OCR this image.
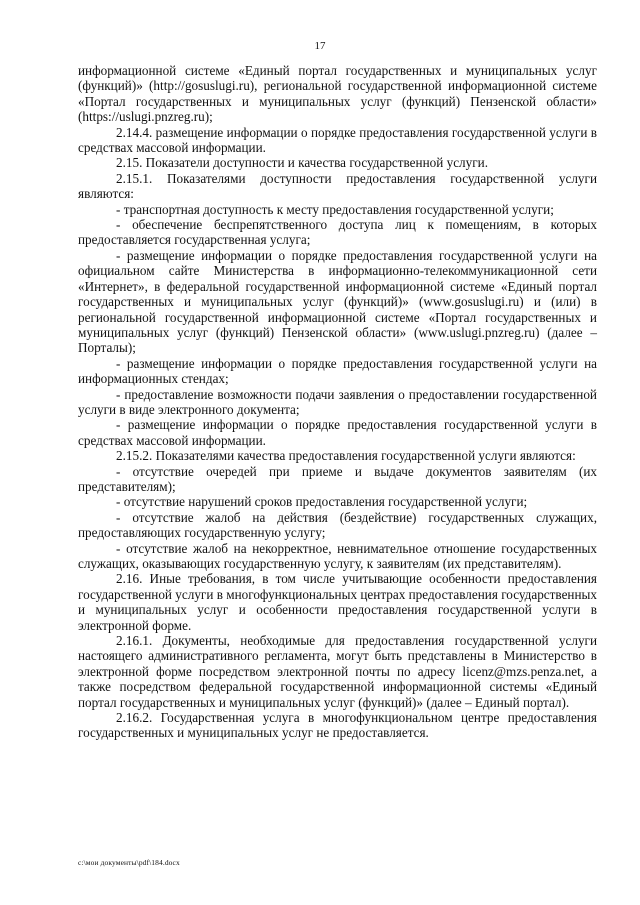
17

информационной системе «Единый портал государственных и муниципальных услуг (функций)» (http://gosuslugi.ru), региональной государственной информационной системе «Портал государственных и муниципальных услуг (функций) Пензенской области» (https://uslugi.pnzreg.ru);

2.14.4. размещение информации о порядке предоставления государственной услуги в средствах массовой информации.

2.15. Показатели доступности и качества государственной услуги.

2.15.1. Показателями доступности предоставления государственной услуги являются:

- транспортная доступность к месту предоставления государственной услуги;

- обеспечение беспрепятственного доступа лиц к помещениям, в которых предоставляется государственная услуга;

- размещение информации о порядке предоставления государственной услуги на официальном сайте Министерства в информационно-телекоммуникационной сети «Интернет», в федеральной государственной информационной системе «Единый портал государственных и муниципальных услуг (функций)» (www.gosuslugi.ru) и (или) в региональной государственной информационной системе «Портал государственных и муниципальных услуг (функций) Пензенской области» (www.uslugi.pnzreg.ru) (далее – Порталы);

- размещение информации о порядке предоставления государственной услуги на информационных стендах;

- предоставление возможности подачи заявления о предоставлении государственной услуги в виде электронного документа;

- размещение информации о порядке предоставления государственной услуги в средствах массовой информации.

2.15.2. Показателями качества предоставления государственной услуги являются:

- отсутствие очередей при приеме и выдаче документов заявителям (их представителям);

- отсутствие нарушений сроков предоставления государственной услуги;

- отсутствие жалоб на действия (бездействие) государственных служащих, предоставляющих государственную услугу;

- отсутствие жалоб на некорректное, невнимательное отношение государственных служащих, оказывающих государственную услугу, к заявителям (их представителям).

2.16. Иные требования, в том числе учитывающие особенности предоставления государственной услуги в многофункциональных центрах предоставления государственных и муниципальных услуг и особенности предоставления государственной услуги в электронной форме.

2.16.1. Документы, необходимые для предоставления государственной услуги настоящего административного регламента, могут быть представлены в Министерство в электронной форме посредством электронной почты по адресу licenz@mzs.penza.net, а также посредством федеральной государственной информационной системы «Единый портал государственных и муниципальных услуг (функций)» (далее – Единый портал).

2.16.2. Государственная услуга в многофункциональном центре предоставления государственных и муниципальных услуг не предоставляется.

c:\мои документы\pdf\184.docx
